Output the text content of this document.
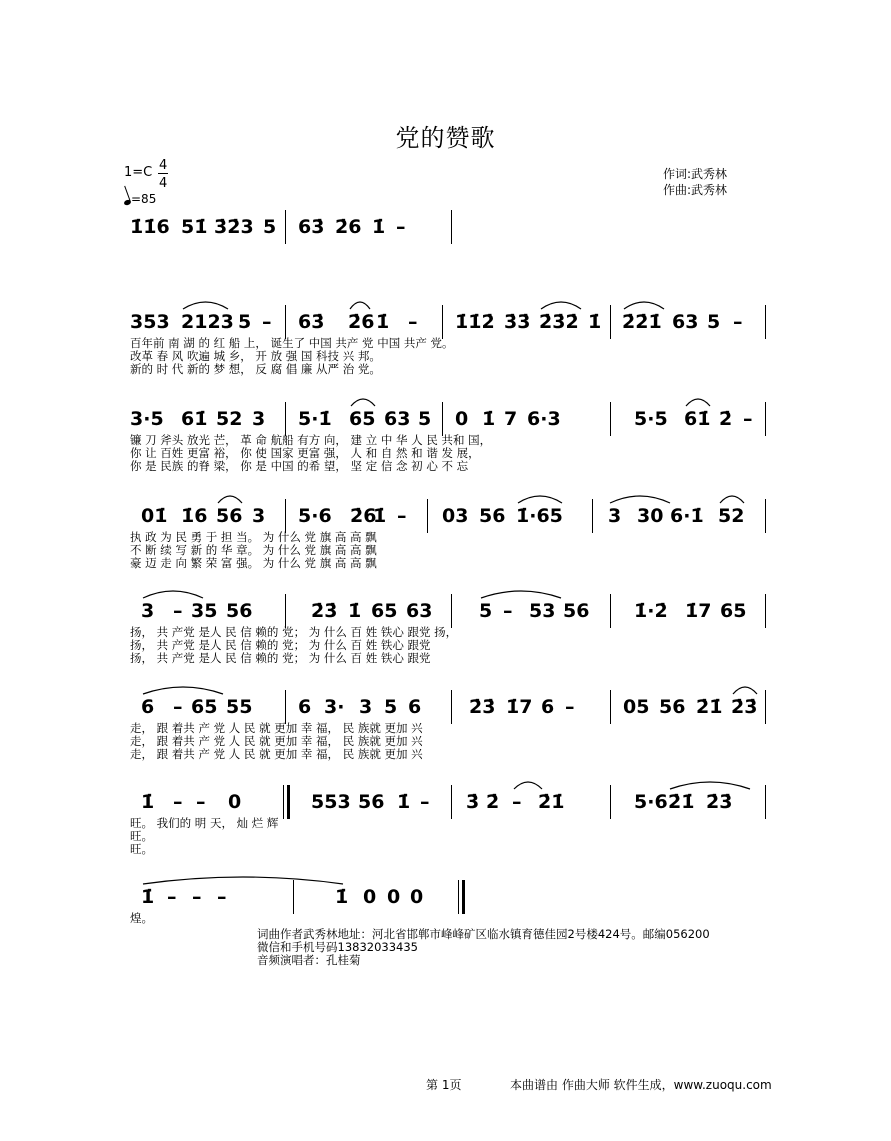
党的赞歌
1=C 4
4
=85
作词:武秀林
作曲:武秀林
1̇1̇6 51̇ 3̇2̇3 5 63̇ 2̇6 1̇ –
353 2123 5 – 63̇ 2̇6 1̇ – 1̇1̇2̇ 3̇3̇ 2̇3̇2̇ 1̇ 2̇2̇1̇ 63 5 –
百年前 南 湖 的 红 船 上， 诞生了 中国 共产 党 中国 共产 党。
改革 春 风 吹遍 城 乡， 开 放 强 国 科技 兴 邦。
新的 时 代 新的 梦 想， 反 腐 倡 廉 从严 治 党。
3·5 61̇ 52 3 5·1̇ 65 63 5 0 1̇ 7 6·3	5·5 61̇ 2̇ –
镰 刀 斧头 放光 芒， 革 命 航船 有方 向， 建 立 中 华 人 民 共和 国，
你 让 百姓 更富 裕， 你 使 国家 更富 强， 人 和 自 然 和 谐 发 展，
你 是 民族 的脊 梁， 你 是 中国 的希 望， 坚 定 信 念 初 心 不 忘
01̇ 1̇6 56 3 5·6 2̇6
1̇ – 03 56 1̇·65 3 30 6·1̇ 52
执 政 为 民 勇 于 担 当。 为 什么 党 旗 高 高 飘
不 断 续 写 新 的 华 章。 为 什么 党 旗 高 高 飘
豪 迈 走 向 繁 荣 富 强。 为 什么 党 旗 高 高 飘
3 – 35 56	2̇3̇ 1̇ 65 63 5 – 53 56 1̇·2̇ 1̇7 65
扬， 共 产党 是人 民 信 赖的 党； 为 什么 百 姓 铁心 跟党 扬，
扬， 共 产党 是人 民 信 赖的 党； 为 什么 百 姓 铁心 跟党
扬， 共 产党 是人 民 信 赖的 党； 为 什么 百 姓 铁心 跟党
6 – 65 55 6 3· 3 5 6	2̇3̇ 1̇7 6 –	05 56 2̇1̇ 2̇3̇
走， 跟 着共 产 党 人 民 就 更加 幸 福， 民 族就 更加 兴
走， 跟 着共 产 党 人 民 就 更加 幸 福， 民 族就 更加 兴
走， 跟 着共 产 党 人 民 就 更加 幸 福， 民 族就 更加 兴
1̇ – – 0	553 56 1̇ – 3̇ 2̇ – 2̇1̇	5·6 2̇1̇ 2̇3̇
旺。 我们的 明 天， 灿 烂 辉
旺。
旺。
1̇ – – –	1̇ 0 0 0
煌。
词曲作者武秀林地址：河北省邯郸市峰峰矿区临水镇育德佳园2号楼424号。邮编056200
微信和手机号码13832033435
音频演唱者：孔桂菊
第 1页	本曲谱由 作曲大师 软件生成，www.zuoqu.com
